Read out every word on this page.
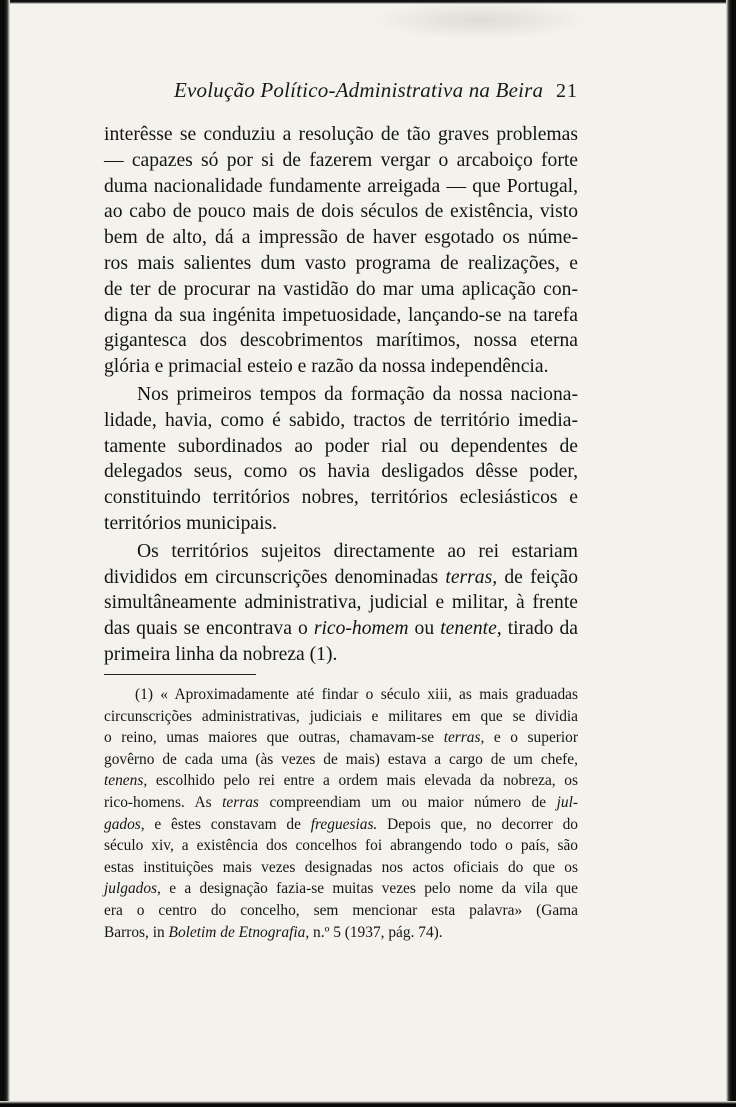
Evolução Político-Administrativa na Beira 21

interêsse se conduziu a resolução de tão graves problemas
— capazes só por si de fazerem vergar o arcaboiço forte
duma nacionalidade fundamente arreigada — que Portugal,
ao cabo de pouco mais de dois séculos de existência, visto
bem de alto, dá a impressão de haver esgotado os núme-
ros mais salientes dum vasto programa de realizações, e
de ter de procurar na vastidão do mar uma aplicação con-
digna da sua ingénita impetuosidade, lançando-se na tarefa
gigantesca dos descobrimentos marítimos, nossa eterna
glória e primacial esteio e razão da nossa independência.

Nos primeiros tempos da formação da nossa naciona-
lidade, havia, como é sabido, tractos de território imedia-
tamente subordinados ao poder rial ou dependentes de
delegados seus, como os havia desligados dêsse poder,
constituindo territórios nobres, territórios eclesiásticos e
territórios municipais.

Os territórios sujeitos directamente ao rei estariam
divididos em circunscrições denominadas terras, de feição
simultâneamente administrativa, judicial e militar, à frente
das quais se encontrava o rico-homem ou tenente, tirado da
primeira linha da nobreza (1).

(1) « Aproximadamente até findar o século xiii, as mais graduadas
circunscrições administrativas, judiciais e militares em que se dividia
o reino, umas maiores que outras, chamavam-se terras, e o superior
govêrno de cada uma (às vezes de mais) estava a cargo de um chefe,
tenens, escolhido pelo rei entre a ordem mais elevada da nobreza, os
rico-homens. As terras compreendiam um ou maior número de jul-
gados, e êstes constavam de freguesias. Depois que, no decorrer do
século xiv, a existência dos concelhos foi abrangendo todo o país, são
estas instituições mais vezes designadas nos actos oficiais do que os
julgados, e a designação fazia-se muitas vezes pelo nome da vila que
era o centro do concelho, sem mencionar esta palavra» (Gama
Barros, in Boletim de Etnografia, n.º 5 (1937, pág. 74).
